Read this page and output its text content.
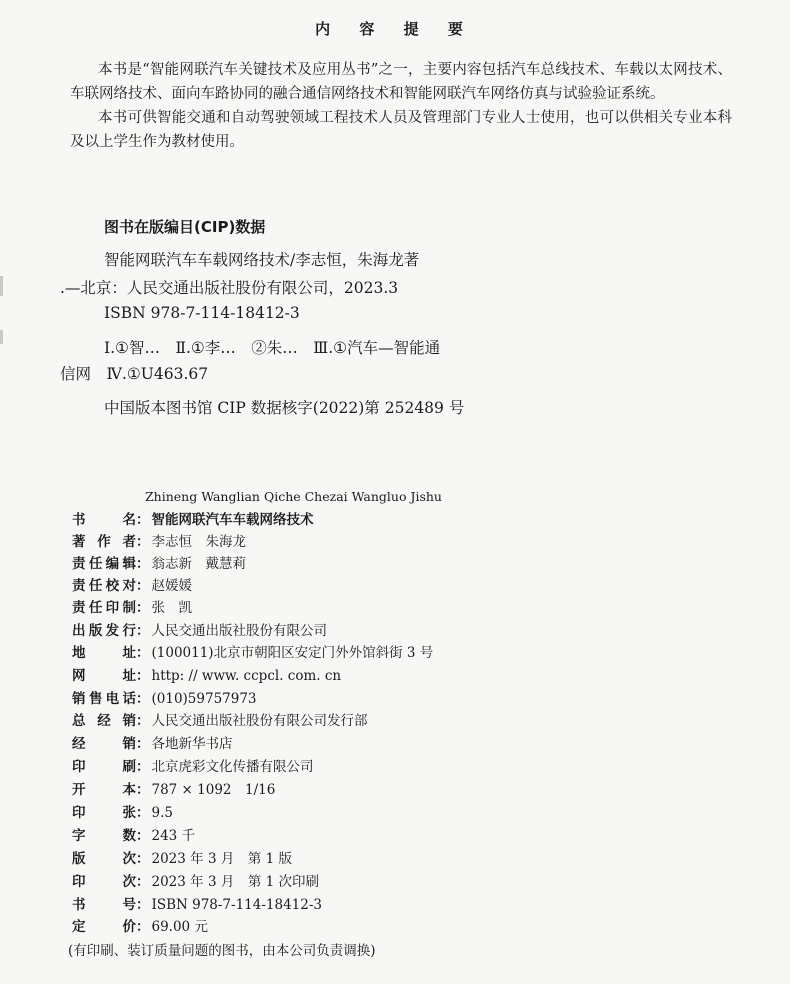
内 容 提 要

本书是“智能网联汽车关键技术及应用丛书”之一，主要内容包括汽车总线技术、车载以太网技术、车联网络技术、面向车路协同的融合通信网络技术和智能网联汽车网络仿真与试验验证系统。

本书可供智能交通和自动驾驶领域工程技术人员及管理部门专业人士使用，也可以供相关专业本科及以上学生作为教材使用。

图书在版编目(CIP)数据
智能网联汽车车载网络技术/李志恒，朱海龙著
.—北京：人民交通出版社股份有限公司，2023.3
ISBN 978-7-114-18412-3
Ⅰ.①智…　Ⅱ.①李…　②朱…　Ⅲ.①汽车—智能通
信网　Ⅳ.①U463.67
中国版本图书馆 CIP 数据核字(2022)第 252489 号
Zhineng Wanglian Qiche Chezai Wangluo Jishu
书名： 智能网联汽车车载网络技术
著作者： 李志恒　朱海龙
责任编辑： 翁志新　戴慧莉
责任校对： 赵媛媛
责任印制： 张　凯
出版发行： 人民交通出版社股份有限公司
地址： (100011)北京市朝阳区安定门外外馆斜街 3 号
网址： http: // www. ccpcl. com. cn
销售电话： (010)59757973
总经销： 人民交通出版社股份有限公司发行部
经销： 各地新华书店
印刷： 北京虎彩文化传播有限公司
开本： 787 × 1092　1/16
印张： 9.5
字数： 243 千
版次： 2023 年 3 月　第 1 版
印次： 2023 年 3 月　第 1 次印刷
书号： ISBN 978-7-114-18412-3
定价： 69.00 元
(有印刷、装订质量问题的图书，由本公司负责调换)
